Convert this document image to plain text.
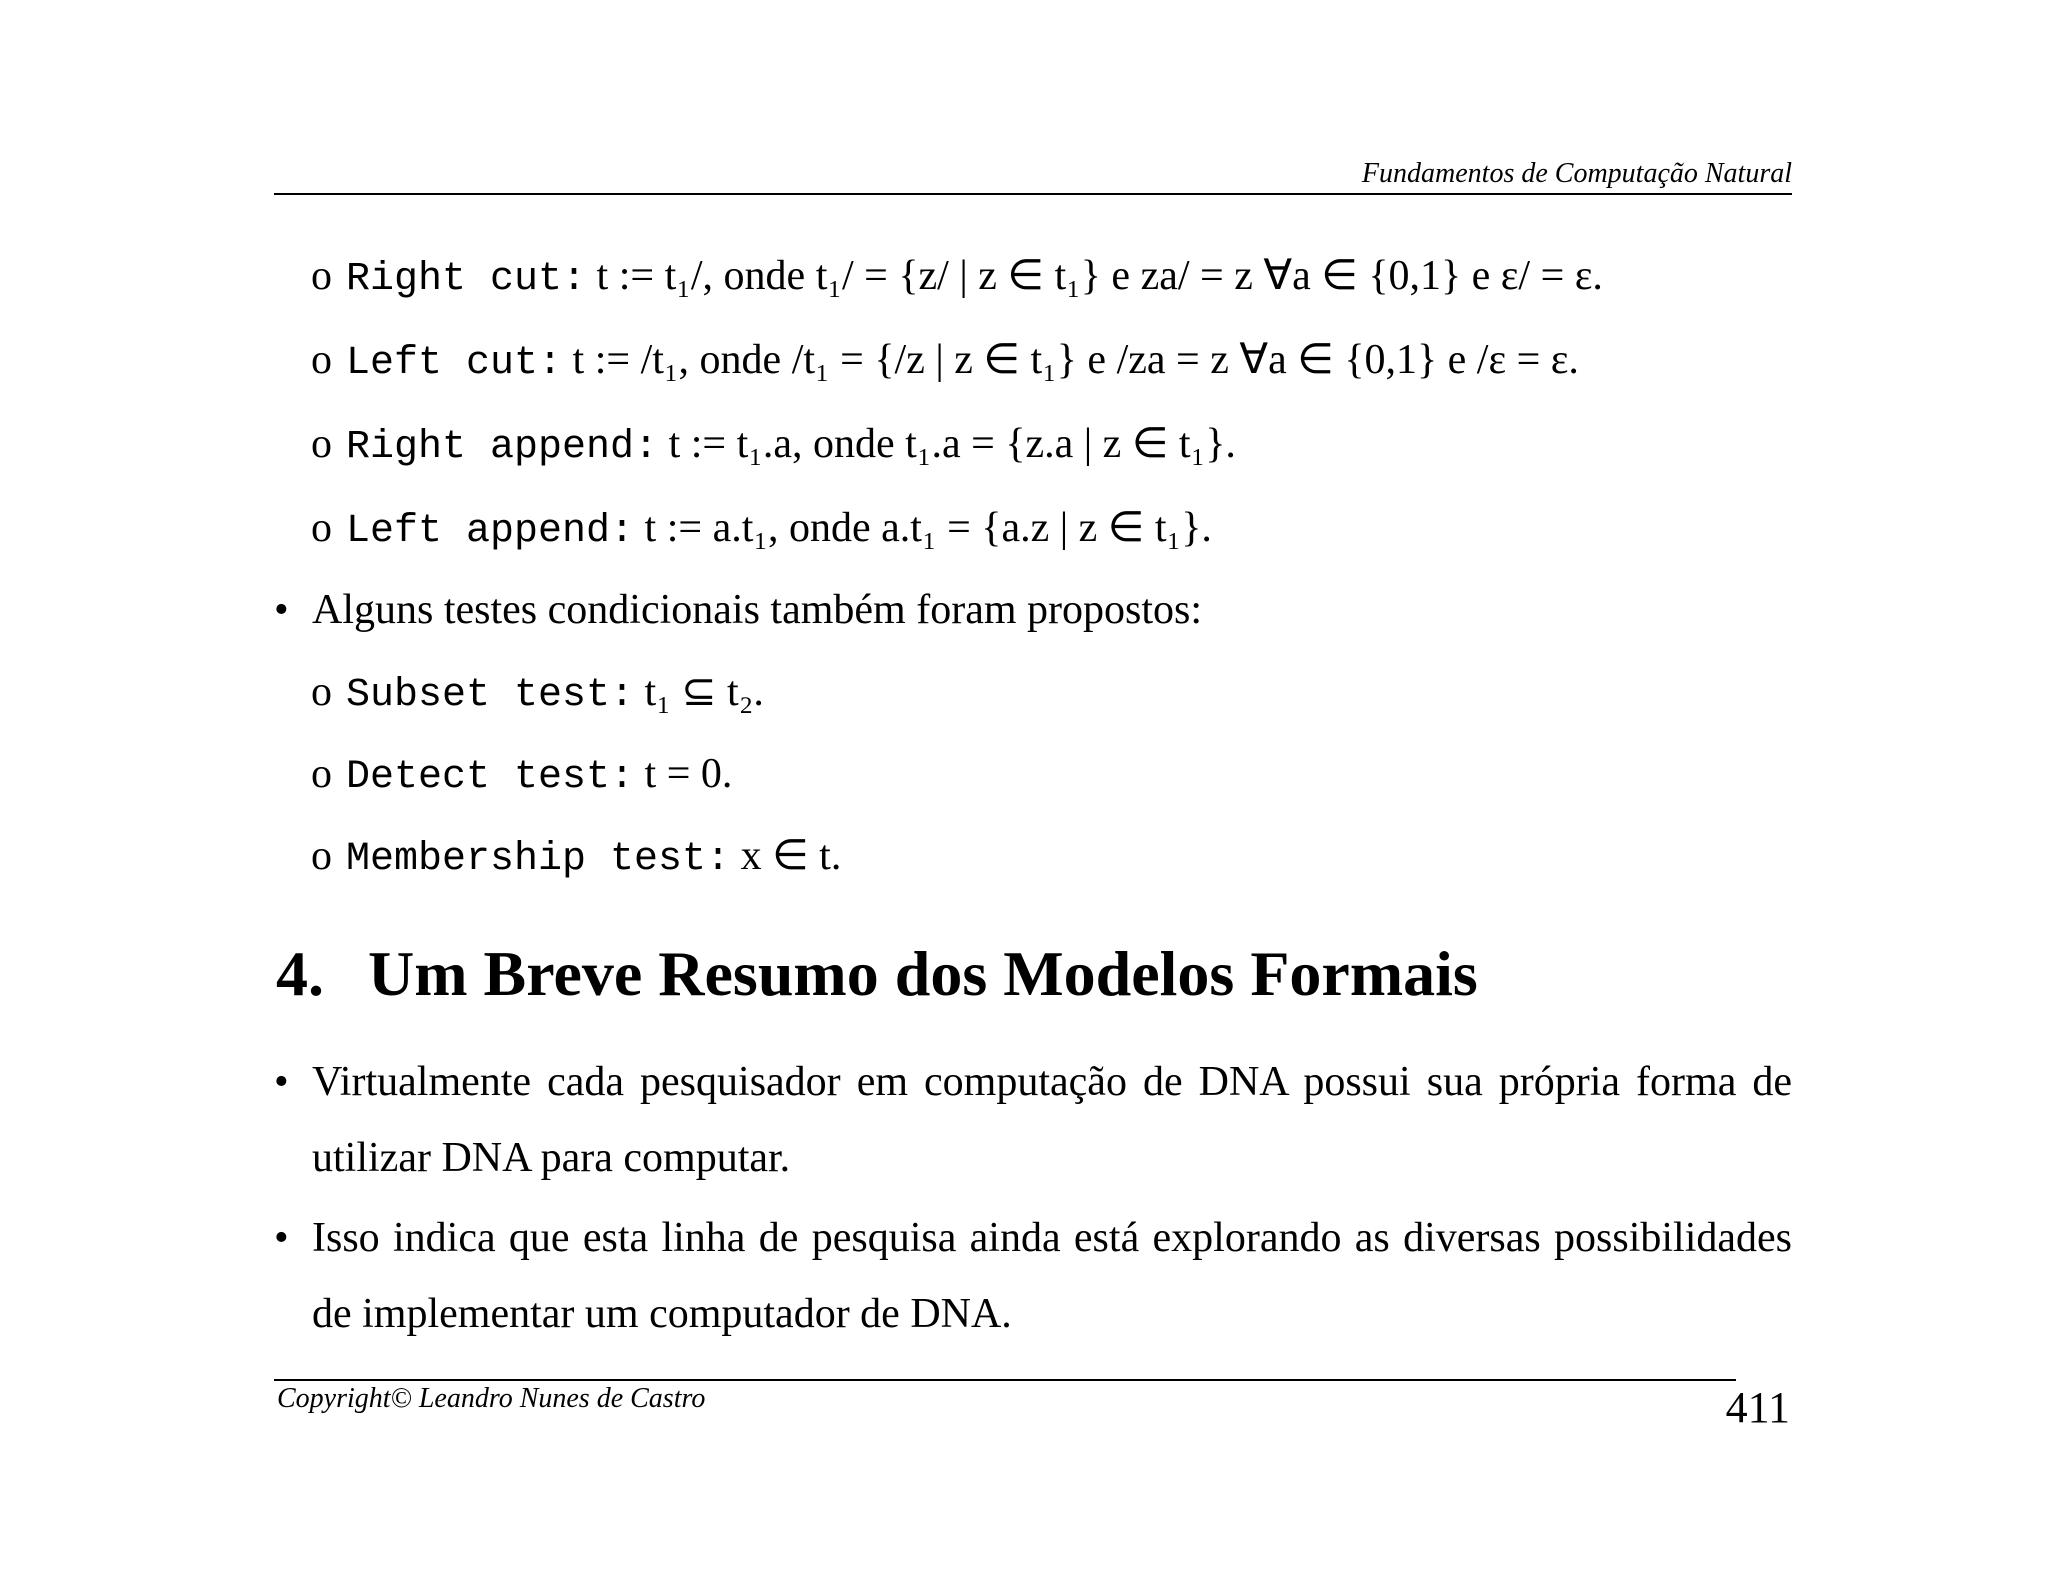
Fundamentos de Computação Natural
o Right cut: t := t₁/, onde t₁/ = {z/ | z ∈ t₁} e za/ = z ∀a ∈ {0,1} e ε/ = ε.
o Left cut: t := /t₁, onde /t₁ = {/z | z ∈ t₁} e /za = z ∀a ∈ {0,1} e /ε = ε.
o Right append: t := t₁.a, onde t₁.a = {z.a | z ∈ t₁}.
o Left append: t := a.t₁, onde a.t₁ = {a.z | z ∈ t₁}.
• Alguns testes condicionais também foram propostos:
o Subset test: t₁ ⊆ t₂.
o Detect test: t = 0.
o Membership test: x ∈ t.
4. Um Breve Resumo dos Modelos Formais
• Virtualmente cada pesquisador em computação de DNA possui sua própria forma de utilizar DNA para computar.
• Isso indica que esta linha de pesquisa ainda está explorando as diversas possibilidades de implementar um computador de DNA.
Copyright© Leandro Nunes de Castro	411
